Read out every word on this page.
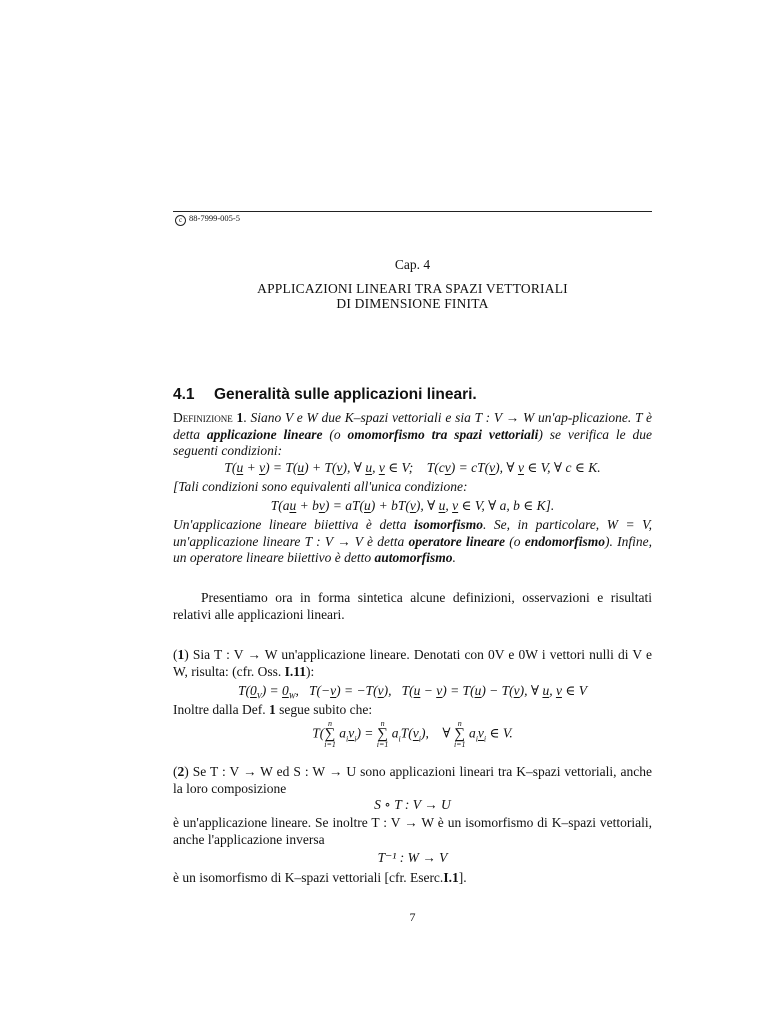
c 88-7999-005-5
Cap. 4
APPLICAZIONI LINEARI TRA SPAZI VETTORIALI
DI DIMENSIONE FINITA
4.1 Generalità sulle applicazioni lineari.
Definizione 1. Siano V e W due K–spazi vettoriali e sia T : V → W un'ap-plicazione. T è detta applicazione lineare (o omomorfismo tra spazi vettoriali) se verifica le due seguenti condizioni:
T(u + v) = T(u) + T(v), ∀ u, v ∈ V;    T(cv) = cT(v), ∀ v ∈ V, ∀ c ∈ K.
[Tali condizioni sono equivalenti all'unica condizione:
T(au + bv) = aT(u) + bT(v), ∀ u, v ∈ V, ∀ a, b ∈ K].
Un'applicazione lineare biiettiva è detta isomorfismo. Se, in particolare, W = V, un'applicazione lineare T : V → V è detta operatore lineare (o endomorfismo). Infine, un operatore lineare biiettivo è detto automorfismo.
Presentiamo ora in forma sintetica alcune definizioni, osservazioni e risultati relativi alle applicazioni lineari.
(1) Sia T : V → W un'applicazione lineare. Denotati con 0V e 0W i vettori nulli di V e W, risulta: (cfr. Oss. I.11):
$T(0_V) = 0_W$,   T(−v) = −T(v),   T(u − v) = T(u) − T(v), ∀ u, v ∈ V
Inoltre dalla Def. 1 segue subito che:
T(
n
∑
i=1
$a_iv_i$) =
n
∑
i=1
$a_iT(v_i)$,    ∀
n
∑
i=1
$a_iv_i$ ∈ V.
(2) Se T : V → W ed S : W → U sono applicazioni lineari tra K–spazi vettoriali, anche la loro composizione
S ∘ T : V → U
è un'applicazione lineare. Se inoltre T : V → W è un isomorfismo di K–spazi vettoriali, anche l'applicazione inversa
T⁻¹ : W → V
è un isomorfismo di K–spazi vettoriali [cfr. Eserc.I.1].
7
